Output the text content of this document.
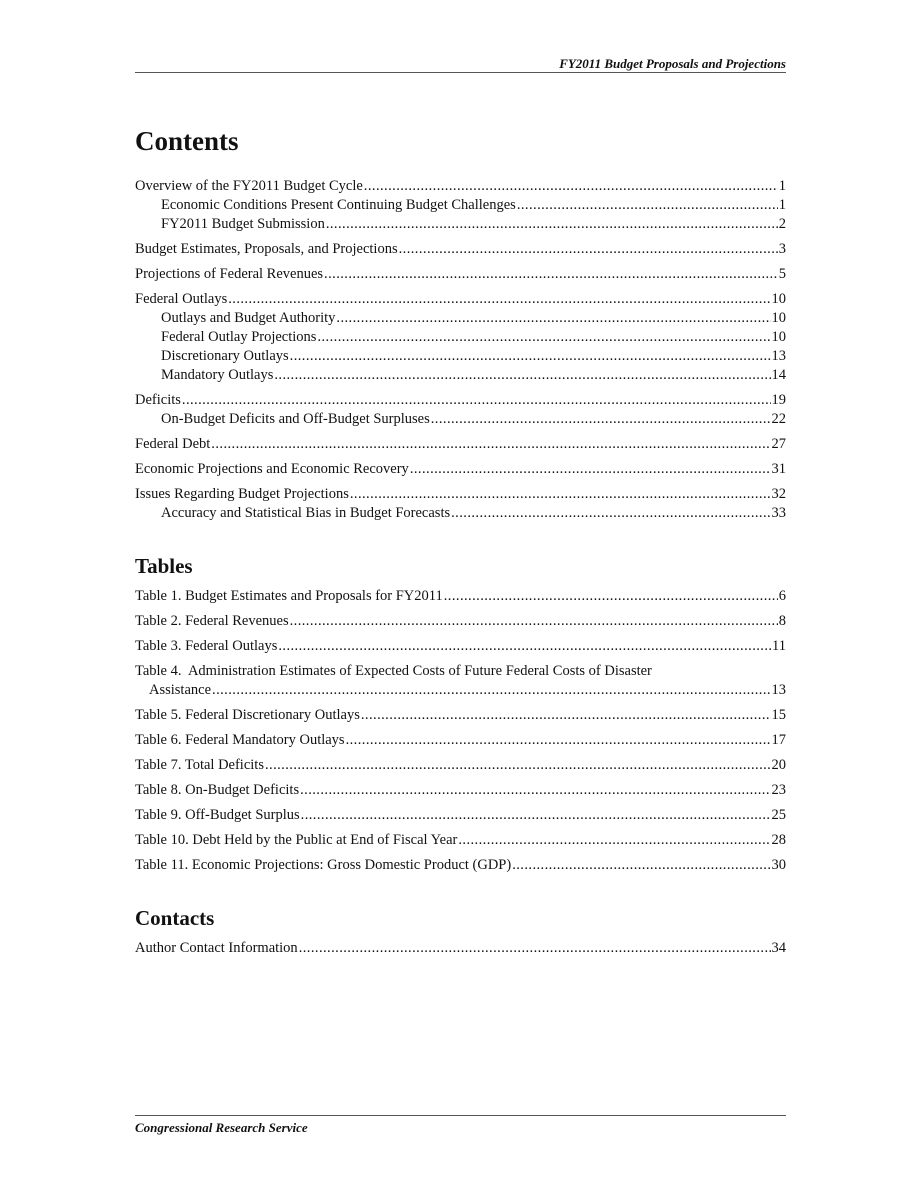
FY2011 Budget Proposals and Projections
Contents
Overview of the FY2011 Budget Cycle . . .	1
Economic Conditions Present Continuing Budget Challenges . . .	1
FY2011 Budget Submission . . .	2
Budget Estimates, Proposals, and Projections . . .	3
Projections of Federal Revenues . . .	5
Federal Outlays . . .	10
Outlays and Budget Authority . . .	10
Federal Outlay Projections . . .	10
Discretionary Outlays . . .	13
Mandatory Outlays . . .	14
Deficits . . .	19
On-Budget Deficits and Off-Budget Surpluses . . .	22
Federal Debt . . .	27
Economic Projections and Economic Recovery . . .	31
Issues Regarding Budget Projections . . .	32
Accuracy and Statistical Bias in Budget Forecasts . . .	33
Tables
Table 1. Budget Estimates and Proposals for FY2011 . . .	6
Table 2. Federal Revenues . . .	8
Table 3. Federal Outlays . . .	11
Table 4.  Administration Estimates of Expected Costs of Future Federal Costs of Disaster
Assistance . . .	13
Table 5. Federal Discretionary Outlays . . .	15
Table 6. Federal Mandatory Outlays . . .	17
Table 7. Total Deficits . . .	20
Table 8. On-Budget Deficits . . .	23
Table 9. Off-Budget Surplus . . .	25
Table 10. Debt Held by the Public at End of Fiscal Year . . .	28
Table 11. Economic Projections: Gross Domestic Product (GDP) . . .	30
Contacts
Author Contact Information . . .	34
Congressional Research Service
